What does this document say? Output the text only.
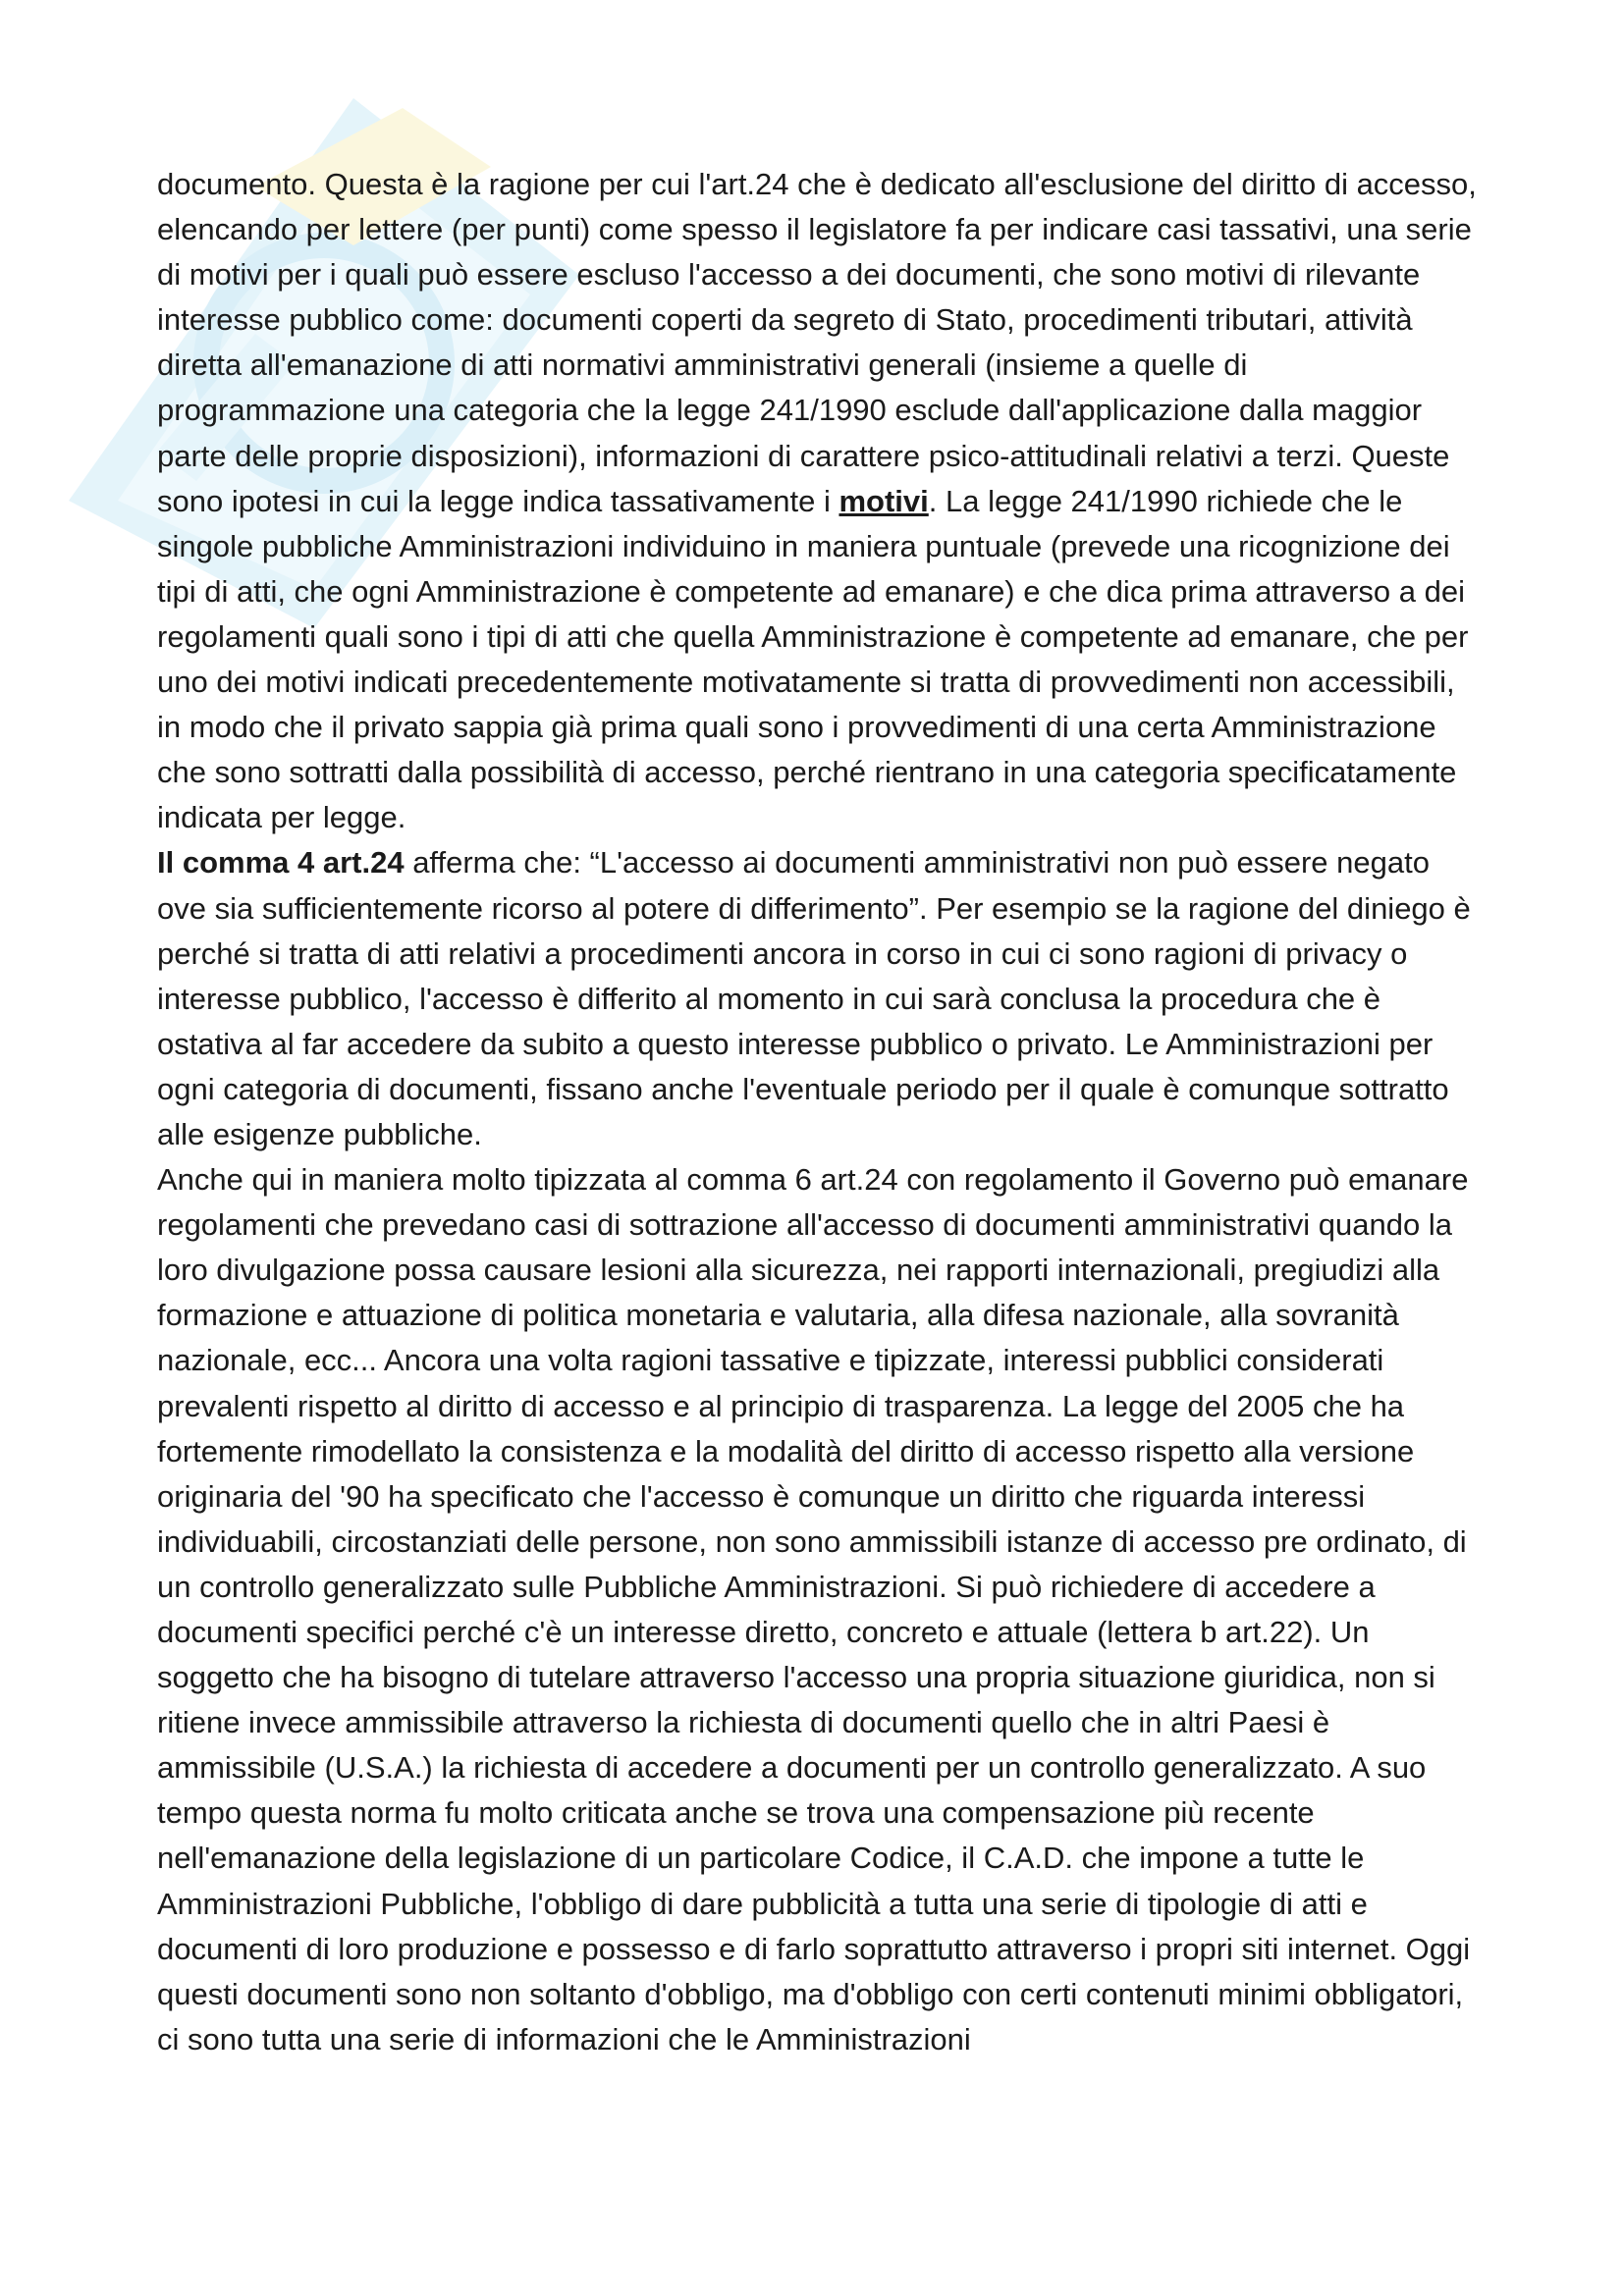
documento. Questa è la ragione per cui l'art.24 che è dedicato all'esclusione del diritto di accesso, elencando per lettere (per punti) come spesso il legislatore fa per indicare casi tassativi, una serie di motivi per i quali può essere escluso l'accesso a dei documenti, che sono motivi di rilevante interesse pubblico come: documenti coperti da segreto di Stato, procedimenti tributari, attività diretta all'emanazione di atti normativi amministrativi generali (insieme a quelle di programmazione una categoria che la legge 241/1990 esclude dall'applicazione dalla maggior parte delle proprie disposizioni), informazioni di carattere psico-attitudinali relativi a terzi. Queste sono ipotesi in cui la legge indica tassativamente i motivi. La legge 241/1990 richiede che le singole pubbliche Amministrazioni individuino in maniera puntuale (prevede una ricognizione dei tipi di atti, che ogni Amministrazione è competente ad emanare) e che dica prima attraverso a dei regolamenti quali sono i tipi di atti che quella Amministrazione è competente ad emanare, che per uno dei motivi indicati precedentemente motivatamente si tratta di provvedimenti non accessibili, in modo che il privato sappia già prima quali sono i provvedimenti di una certa Amministrazione che sono sottratti dalla possibilità di accesso, perché rientrano in una categoria specificatamente indicata per legge.

Il comma 4 art.24 afferma che: “L'accesso ai documenti amministrativi non può essere negato ove sia sufficientemente ricorso al potere di differimento”. Per esempio se la ragione del diniego è perché si tratta di atti relativi a procedimenti ancora in corso in cui ci sono ragioni di privacy o interesse pubblico, l'accesso è differito al momento in cui sarà conclusa la procedura che è ostativa al far accedere da subito a questo interesse pubblico o privato. Le Amministrazioni per ogni categoria di documenti, fissano anche l'eventuale periodo per il quale è comunque sottratto alle esigenze pubbliche.

Anche qui in maniera molto tipizzata al comma 6 art.24 con regolamento il Governo può emanare regolamenti che prevedano casi di sottrazione all'accesso di documenti amministrativi quando la loro divulgazione possa causare lesioni alla sicurezza, nei rapporti internazionali, pregiudizi alla formazione e attuazione di politica monetaria e valutaria, alla difesa nazionale, alla sovranità nazionale, ecc... Ancora una volta ragioni tassative e tipizzate, interessi pubblici considerati prevalenti rispetto al diritto di accesso e al principio di trasparenza. La legge del 2005 che ha fortemente rimodellato la consistenza e la modalità del diritto di accesso rispetto alla versione originaria del '90 ha specificato che l'accesso è comunque un diritto che riguarda interessi individuabili, circostanziati delle persone, non sono ammissibili istanze di accesso pre ordinato, di un controllo generalizzato sulle Pubbliche Amministrazioni. Si può richiedere di accedere a documenti specifici perché c'è un interesse diretto, concreto e attuale (lettera b art.22). Un soggetto che ha bisogno di tutelare attraverso l'accesso una propria situazione giuridica, non si ritiene invece ammissibile attraverso la richiesta di documenti quello che in altri Paesi è ammissibile (U.S.A.) la richiesta di accedere a documenti per un controllo generalizzato. A suo tempo questa norma fu molto criticata anche se trova una compensazione più recente nell'emanazione della legislazione di un particolare Codice, il C.A.D. che impone a tutte le Amministrazioni Pubbliche, l'obbligo di dare pubblicità a tutta una serie di tipologie di atti e documenti di loro produzione e possesso e di farlo soprattutto attraverso i propri siti internet. Oggi questi documenti sono non soltanto d'obbligo, ma d'obbligo con certi contenuti minimi obbligatori, ci sono tutta una serie di informazioni che le Amministrazioni
